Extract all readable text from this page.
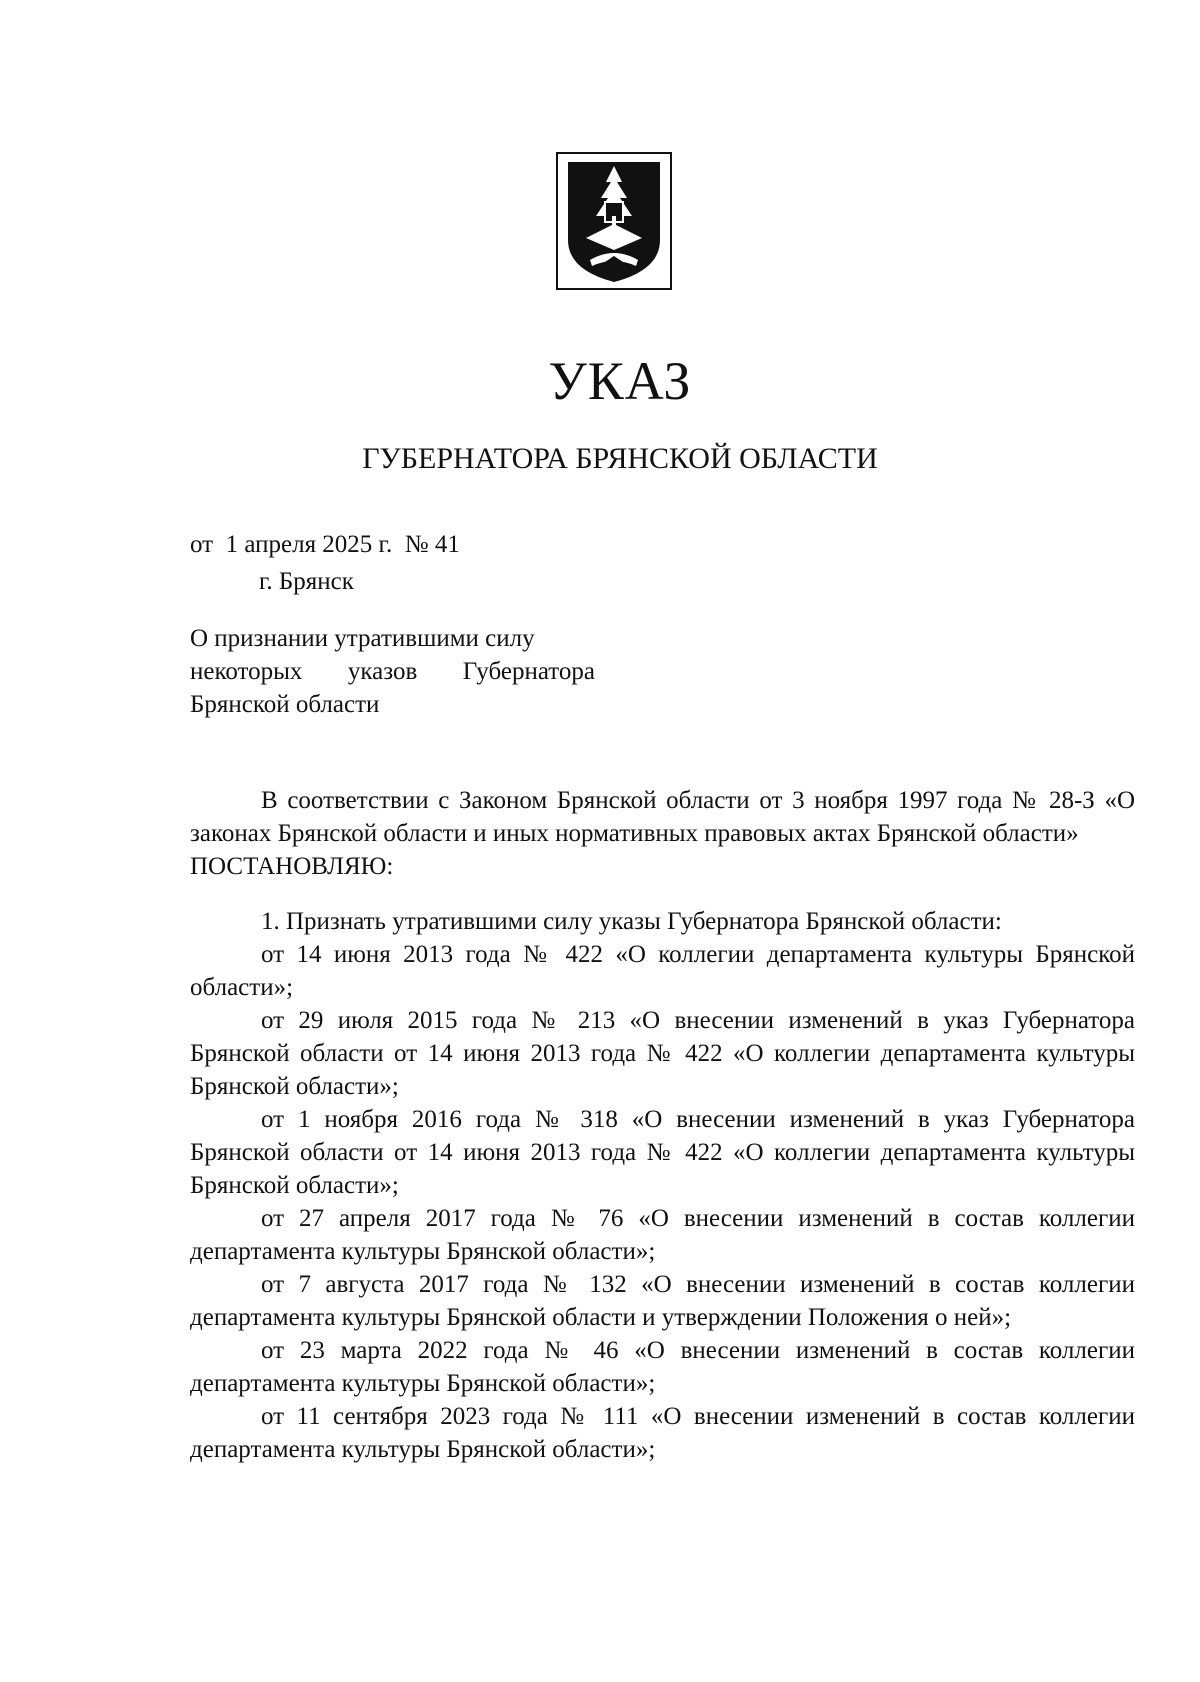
УКАЗ
ГУБЕРНАТОРА БРЯНСКОЙ ОБЛАСТИ
от  1 апреля 2025 г.  № 41
г. Брянск
О признании утратившими силу
некоторых указов Губернатора
Брянской области

В соответствии с Законом Брянской области от 3 ноября 1997 года № 28-З «О законах Брянской области и иных нормативных правовых актах Брянской области»

ПОСТАНОВЛЯЮ:

1. Признать утратившими силу указы Губернатора Брянской области:

от 14 июня 2013 года № 422 «О коллегии департамента культуры Брянской области»;

от 29 июля 2015 года № 213 «О внесении изменений в указ Губернатора Брянской области от 14 июня 2013 года № 422 «О коллегии департамента культуры Брянской области»;

от 1 ноября 2016 года № 318 «О внесении изменений в указ Губернатора Брянской области от 14 июня 2013 года № 422 «О коллегии департамента культуры Брянской области»;

от 27 апреля 2017 года № 76 «О внесении изменений в состав коллегии департамента культуры Брянской области»;

от 7 августа 2017 года № 132 «О внесении изменений в состав коллегии департамента культуры Брянской области и утверждении Положения о ней»;

от 23 марта 2022 года № 46 «О внесении изменений в состав коллегии департамента культуры Брянской области»;

от 11 сентября 2023 года № 111 «О внесении изменений в состав коллегии департамента культуры Брянской области»;
